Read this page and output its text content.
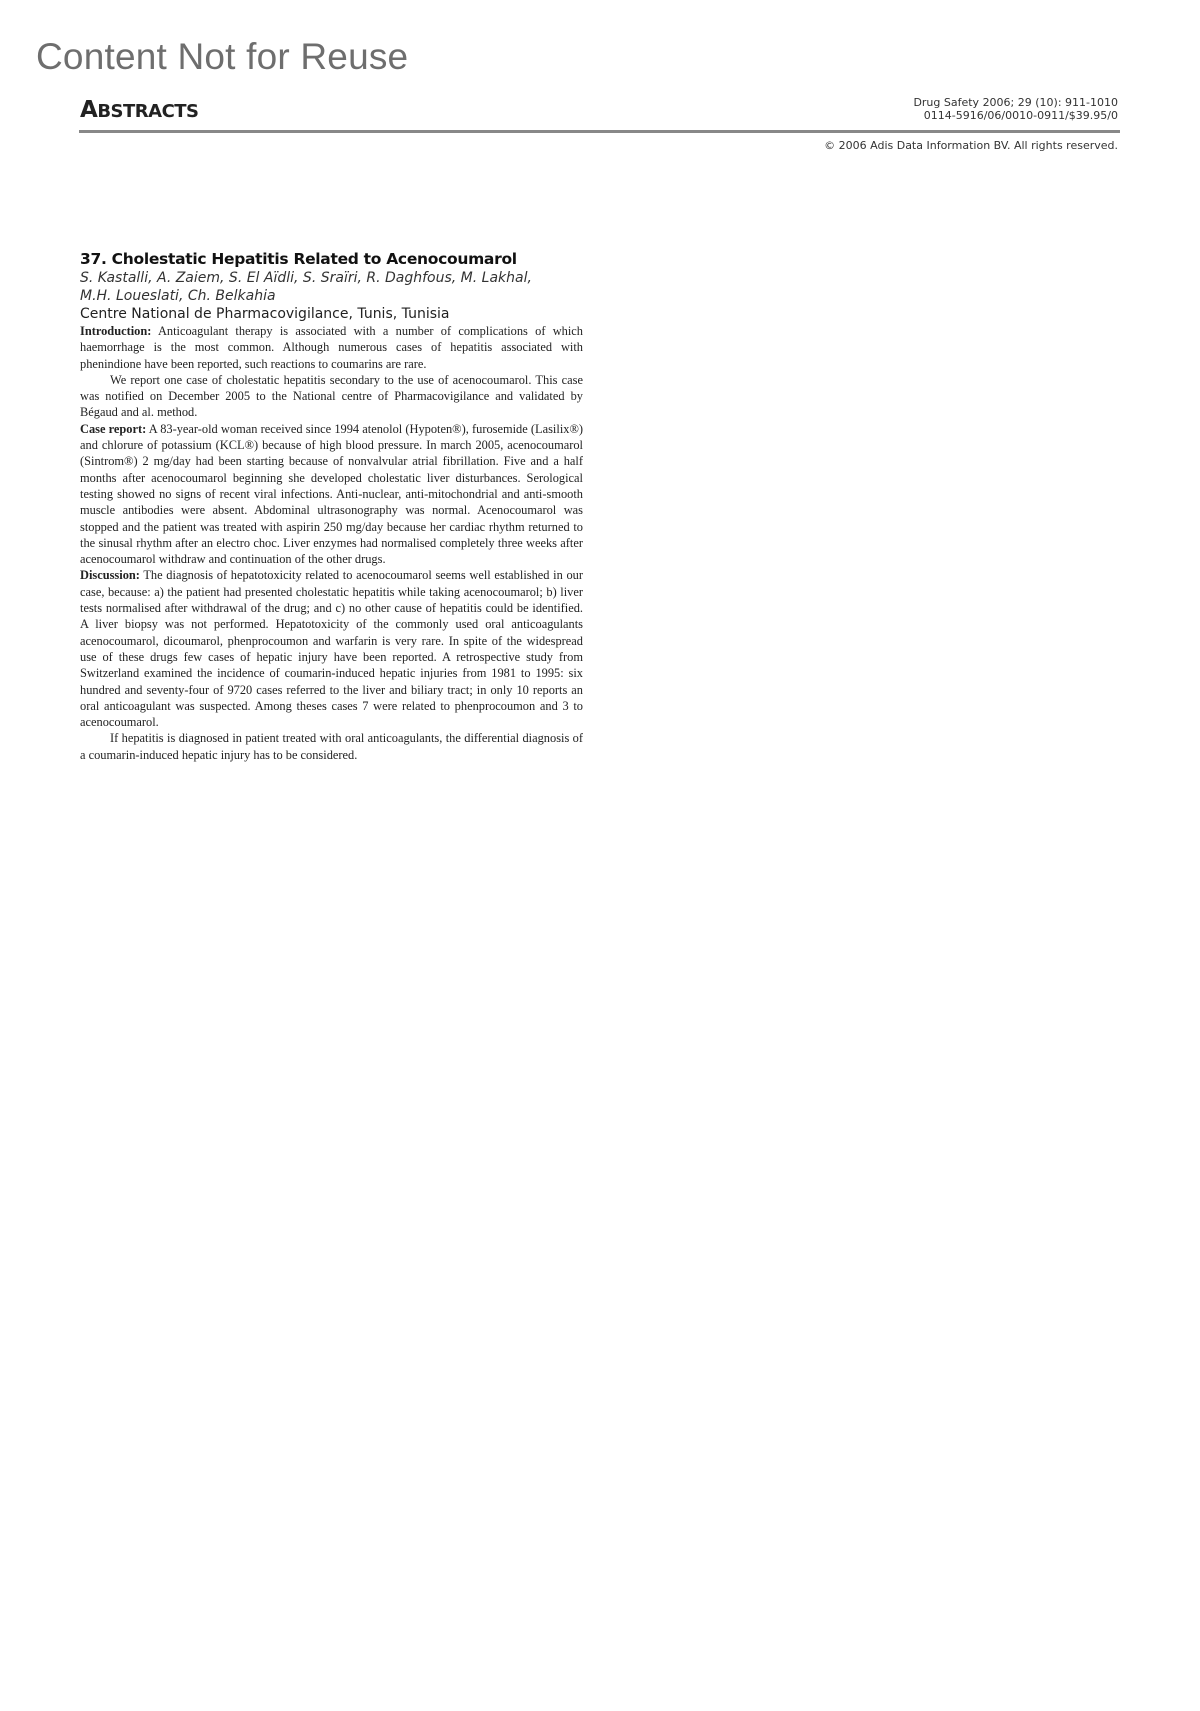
Content Not for Reuse
ABSTRACTS	Drug Safety 2006; 29 (10): 911-1010
0114-5916/06/0010-0911/$39.95/0
© 2006 Adis Data Information BV. All rights reserved.
37. Cholestatic Hepatitis Related to Acenocoumarol

S. Kastalli, A. Zaiem, S. El Aïdli, S. Sraïri, R. Daghfous, M. Lakhal,
M.H. Loueslati, Ch. Belkahia

Centre National de Pharmacovigilance, Tunis, Tunisia

Introduction: Anticoagulant therapy is associated with a number of complications of which haemorrhage is the most common. Although numerous cases of hepatitis associated with phenindione have been reported, such reactions to coumarins are rare.

We report one case of cholestatic hepatitis secondary to the use of acenocoumarol. This case was notified on December 2005 to the National centre of Pharmacovigilance and validated by Bégaud and al. method.

Case report: A 83-year-old woman received since 1994 atenolol (Hypoten®), furosemide (Lasilix®) and chlorure of potassium (KCL®) because of high blood pressure. In march 2005, acenocoumarol (Sintrom®) 2 mg/day had been starting because of nonvalvular atrial fibrillation. Five and a half months after acenocoumarol beginning she developed cholestatic liver disturbances. Serological testing showed no signs of recent viral infections. Anti-nuclear, anti-mitochondrial and anti-smooth muscle antibodies were absent. Abdominal ultrasonography was normal. Acenocoumarol was stopped and the patient was treated with aspirin 250 mg/day because her cardiac rhythm returned to the sinusal rhythm after an electro choc. Liver enzymes had normalised completely three weeks after acenocoumarol withdraw and continuation of the other drugs.

Discussion: The diagnosis of hepatotoxicity related to acenocoumarol seems well established in our case, because: a) the patient had presented cholestatic hepatitis while taking acenocoumarol; b) liver tests normalised after withdrawal of the drug; and c) no other cause of hepatitis could be identified. A liver biopsy was not performed. Hepatotoxicity of the commonly used oral anticoagulants acenocoumarol, dicoumarol, phenprocoumon and warfarin is very rare. In spite of the widespread use of these drugs few cases of hepatic injury have been reported. A retrospective study from Switzerland examined the incidence of coumarin-induced hepatic injuries from 1981 to 1995: six hundred and seventy-four of 9720 cases referred to the liver and biliary tract; in only 10 reports an oral anticoagulant was suspected. Among theses cases 7 were related to phenprocoumon and 3 to acenocoumarol.

If hepatitis is diagnosed in patient treated with oral anticoagulants, the differential diagnosis of a coumarin-induced hepatic injury has to be considered.
